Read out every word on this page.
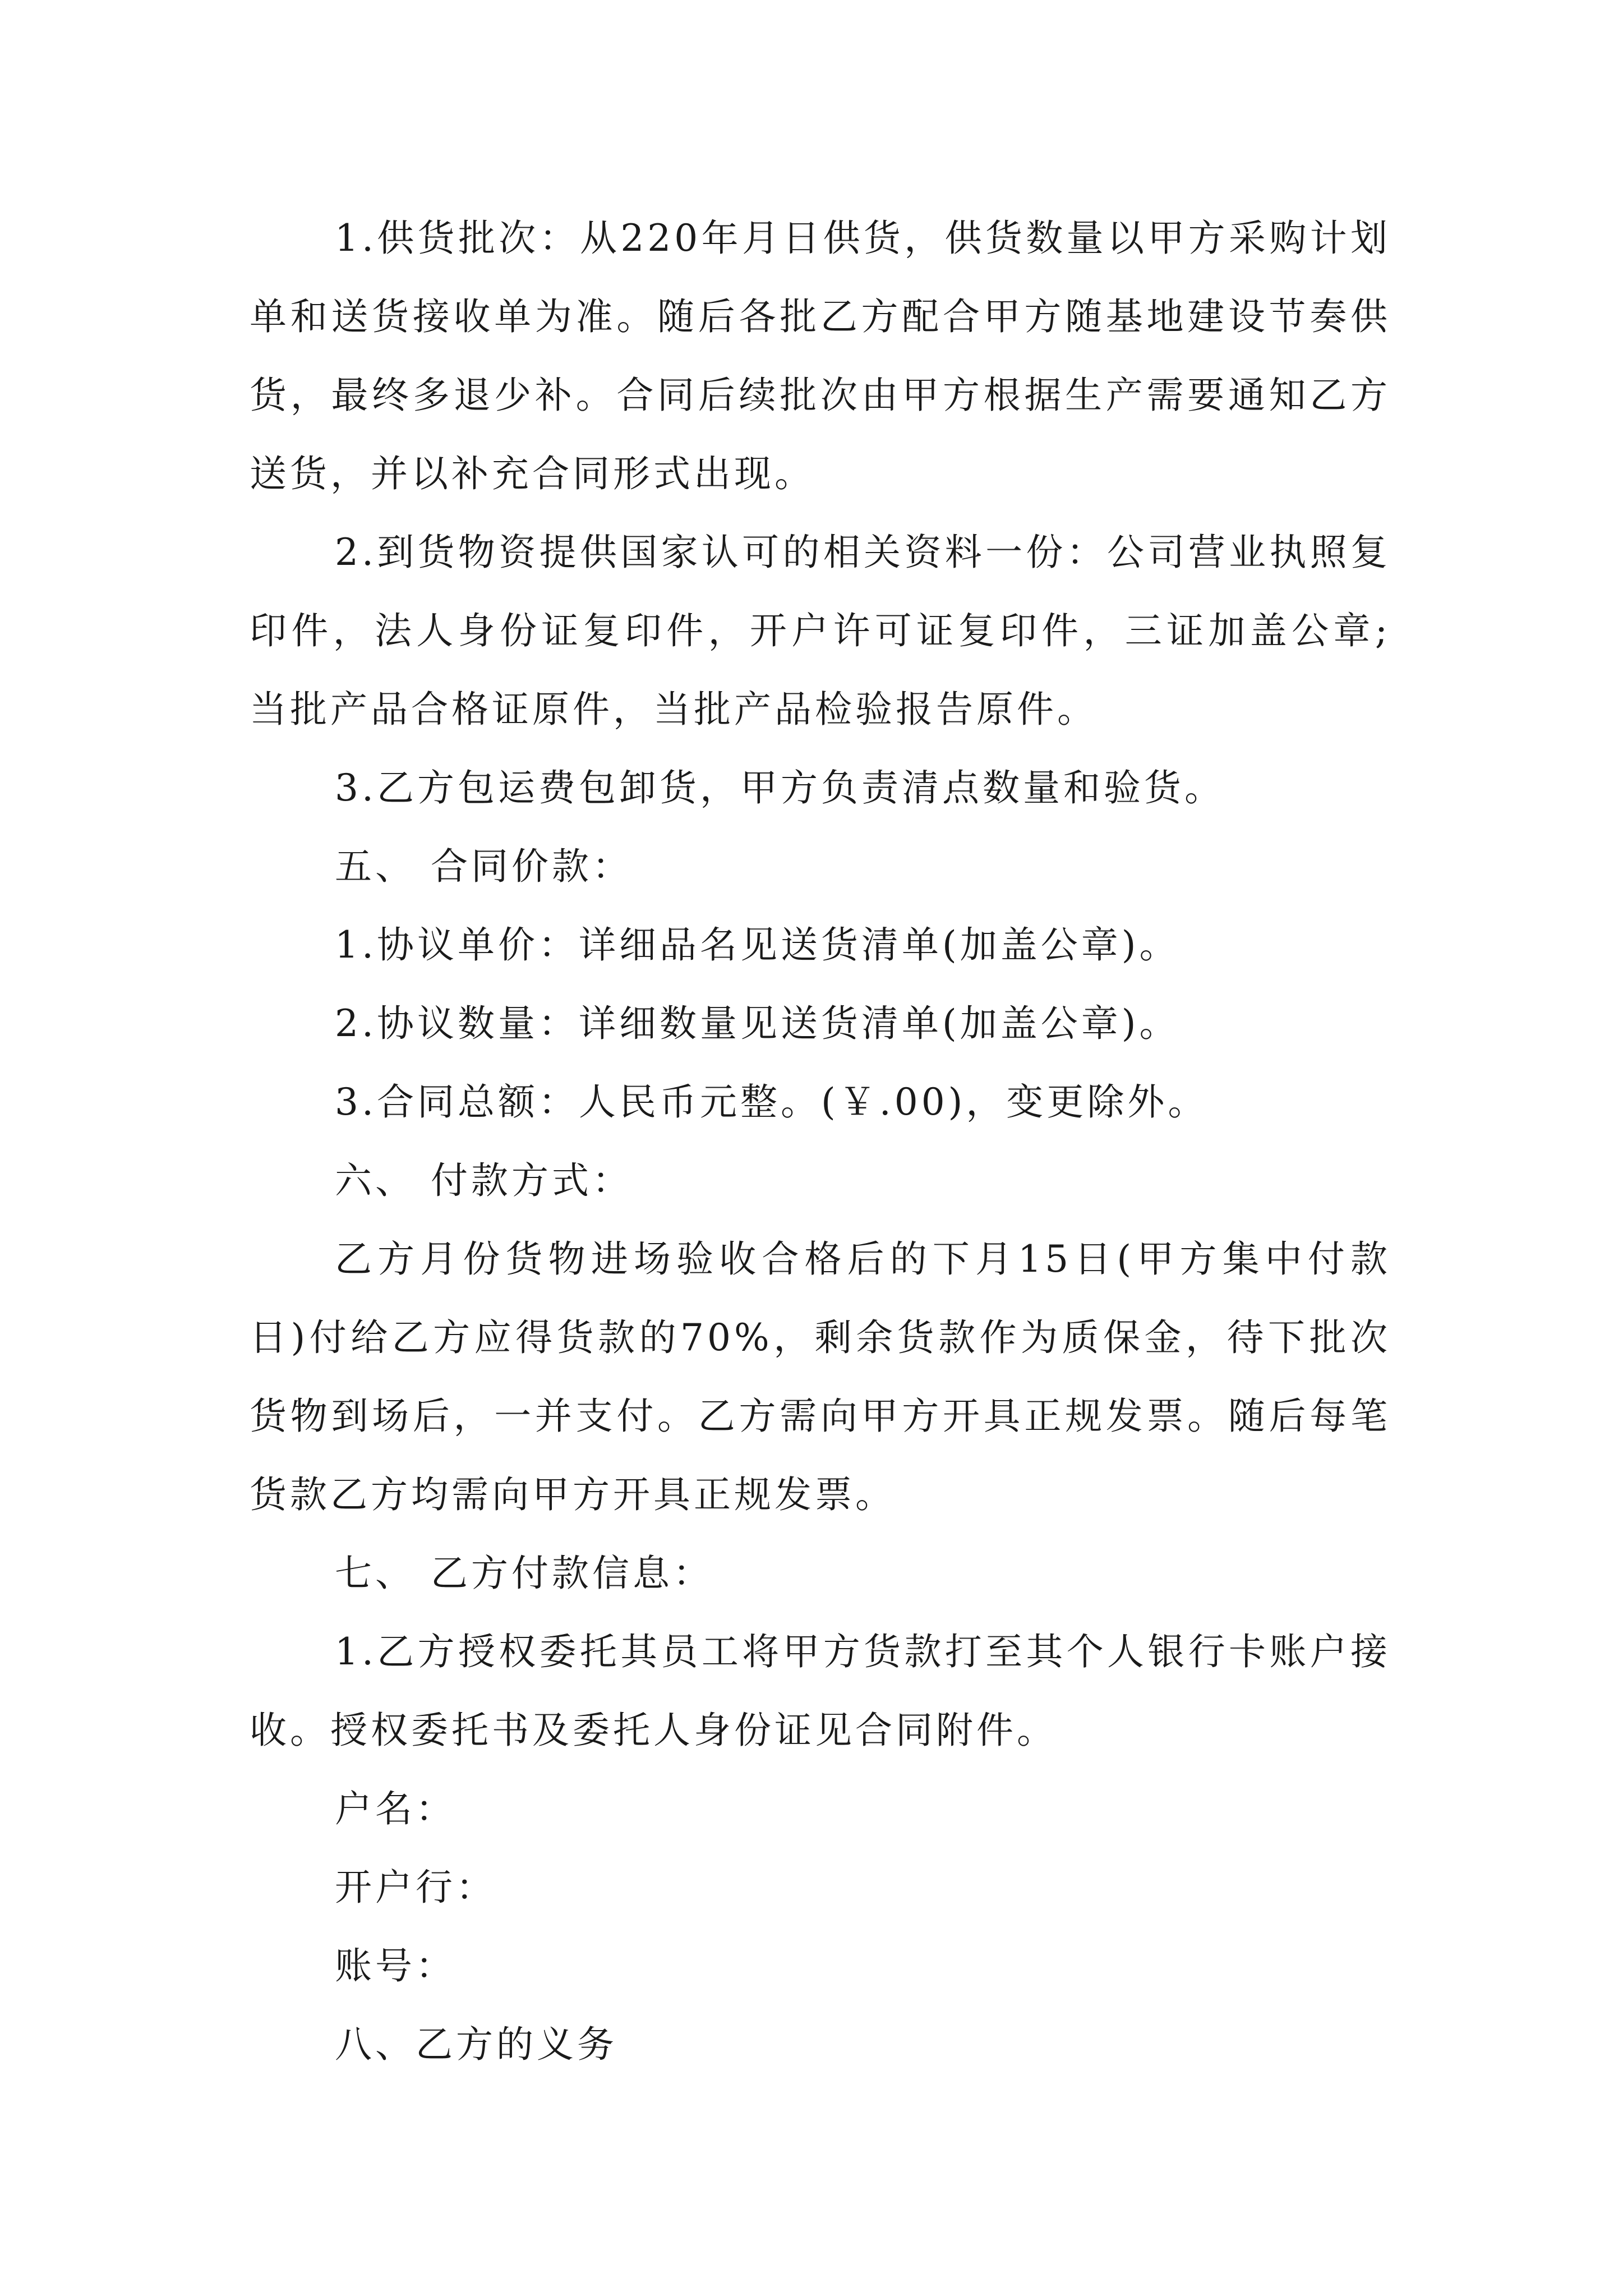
1.供货批次：从220年月日供货，供货数量以甲方采购计划单和送货接收单为准。随后各批乙方配合甲方随基地建设节奏供货，最终多退少补。合同后续批次由甲方根据生产需要通知乙方送货，并以补充合同形式出现。

2.到货物资提供国家认可的相关资料一份：公司营业执照复印件，法人身份证复印件，开户许可证复印件，三证加盖公章;当批产品合格证原件，当批产品检验报告原件。

3.乙方包运费包卸货，甲方负责清点数量和验货。

五、 合同价款：

1.协议单价：详细品名见送货清单(加盖公章)。

2.协议数量：详细数量见送货清单(加盖公章)。

3.合同总额：人民币元整。(￥.00)，变更除外。

六、 付款方式：

乙方月份货物进场验收合格后的下月15日(甲方集中付款日)付给乙方应得货款的70%，剩余货款作为质保金，待下批次货物到场后，一并支付。乙方需向甲方开具正规发票。随后每笔货款乙方均需向甲方开具正规发票。

七、 乙方付款信息：

1.乙方授权委托其员工将甲方货款打至其个人银行卡账户接收。授权委托书及委托人身份证见合同附件。

户名：

开户行：

账号：

八、乙方的义务
